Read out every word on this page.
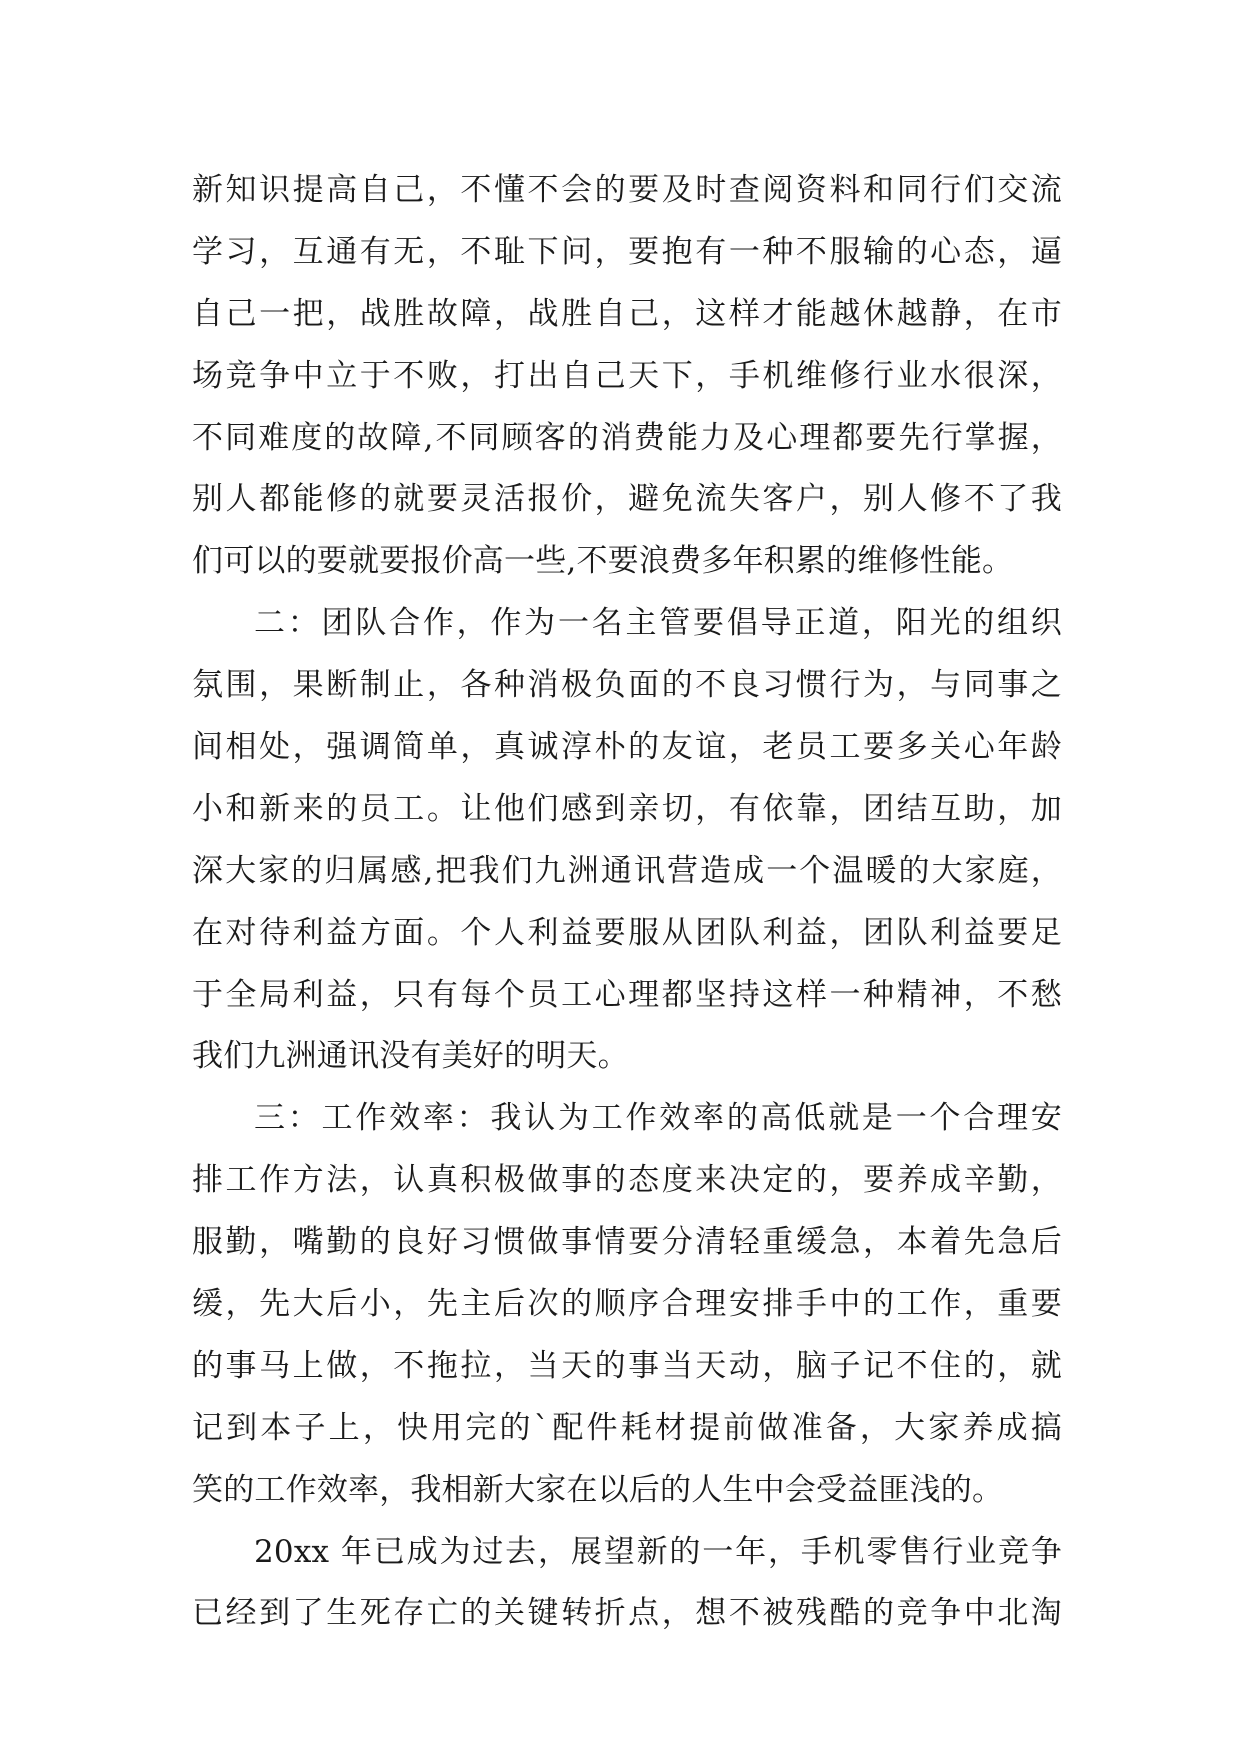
新知识提高自己，不懂不会的要及时查阅资料和同行们交流
学习，互通有无，不耻下问，要抱有一种不服输的心态，逼
自己一把，战胜故障，战胜自己，这样才能越休越静，在市
场竞争中立于不败，打出自己天下，手机维修行业水很深，
不同难度的故障,不同顾客的消费能力及心理都要先行掌握，
别人都能修的就要灵活报价，避免流失客户，别人修不了我
们可以的要就要报价高一些,不要浪费多年积累的维修性能。
二：团队合作，作为一名主管要倡导正道，阳光的组织
氛围，果断制止，各种消极负面的不良习惯行为，与同事之
间相处，强调简单，真诚淳朴的友谊，老员工要多关心年龄
小和新来的员工。让他们感到亲切，有依靠，团结互助，加
深大家的归属感,把我们九洲通讯营造成一个温暖的大家庭，
在对待利益方面。个人利益要服从团队利益，团队利益要足
于全局利益，只有每个员工心理都坚持这样一种精神，不愁
我们九洲通讯没有美好的明天。
三：工作效率：我认为工作效率的高低就是一个合理安
排工作方法，认真积极做事的态度来决定的，要养成辛勤，
服勤，嘴勤的良好习惯做事情要分清轻重缓急，本着先急后
缓，先大后小，先主后次的顺序合理安排手中的工作，重要
的事马上做，不拖拉，当天的事当天动，脑子记不住的，就
记到本子上，快用完的`配件耗材提前做准备，大家养成搞
笑的工作效率，我相新大家在以后的人生中会受益匪浅的。
20xx 年已成为过去，展望新的一年，手机零售行业竞争
已经到了生死存亡的关键转折点，想不被残酷的竞争中北淘
